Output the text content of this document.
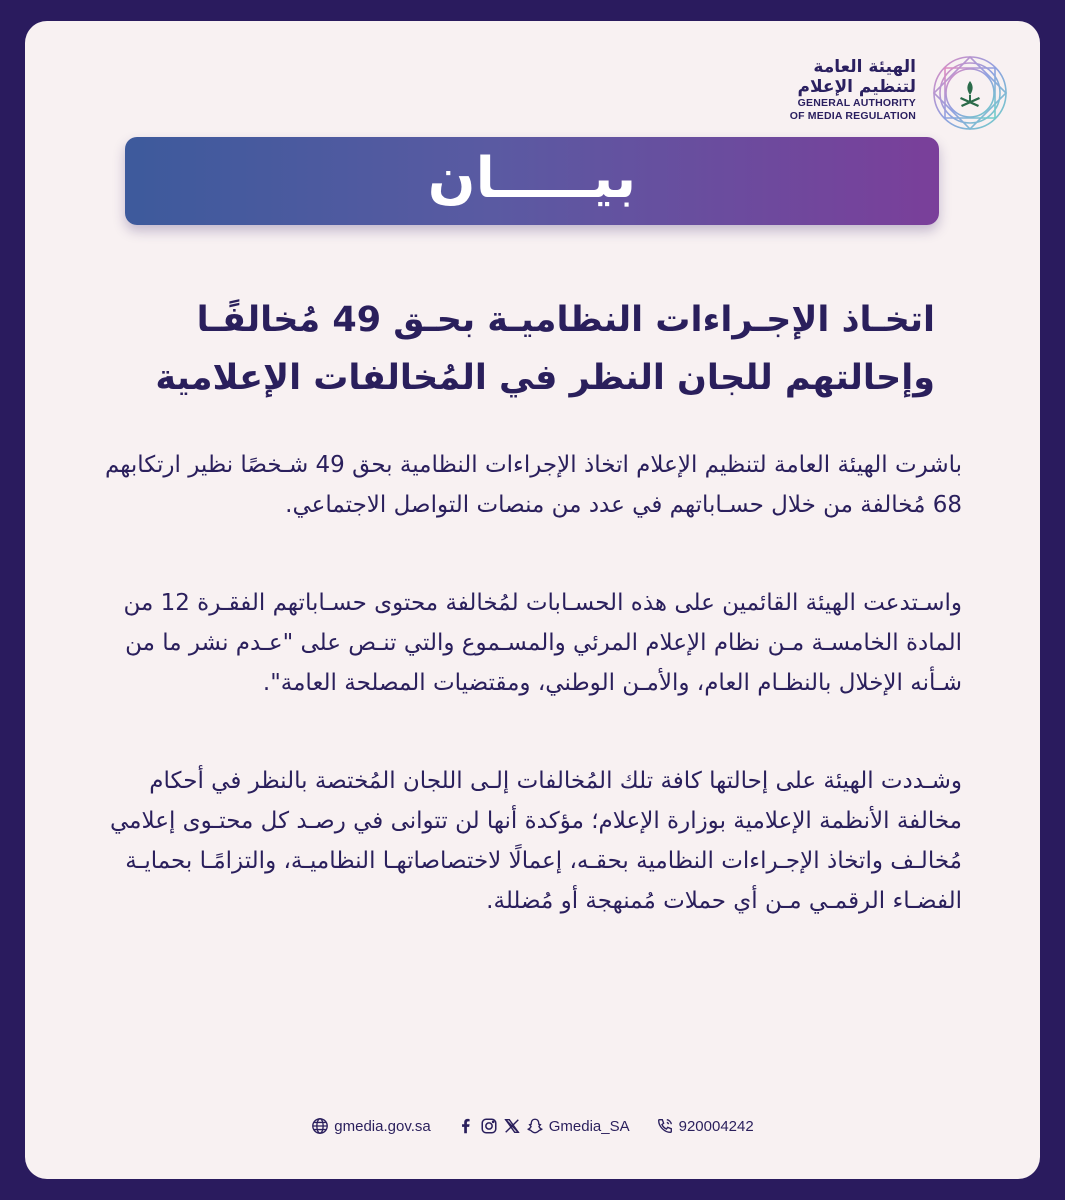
الهيئة العامة
لتنظيم الإعلام
GENERAL AUTHORITY
OF MEDIA REGULATION
بيـــــان
اتخـاذ الإجـراءات النظاميـة بحـق 49 مُخالفًـا
وإحالتهم للجان النظر في المُخالفات الإعلامية

باشرت الهيئة العامة لتنظيم الإعلام اتخاذ الإجراءات النظامية بحق 49 شـخصًا نظير ارتكابهم 68 مُخالفة من خلال حسـاباتهم في عدد من منصات التواصل الاجتماعي.

واسـتدعت الهيئة القائمين على هذه الحسـابات لمُخالفة محتوى حسـاباتهم الفقـرة 12 من المادة الخامسـة مـن نظام الإعلام المرئي والمسـموع والتي تنـص على "عـدم نشر ما من شـأنه الإخلال بالنظـام العام، والأمـن الوطني، ومقتضيات المصلحة العامة".

وشـددت الهيئة على إحالتها كافة تلك المُخالفات إلـى اللجان المُختصة بالنظر في أحكام مخالفة الأنظمة الإعلامية بوزارة الإعلام؛ مؤكدة أنها لن تتوانى في رصـد كل محتـوى إعلامي مُخالـف واتخاذ الإجـراءات النظامية بحقـه، إعمالًا لاختصاصاتهـا النظاميـة، والتزامًـا بحمايـة الفضـاء الرقمـي مـن أي حملات مُمنهجة أو مُضللة.

gmedia.gov.sa	Gmedia_SA	920004242
